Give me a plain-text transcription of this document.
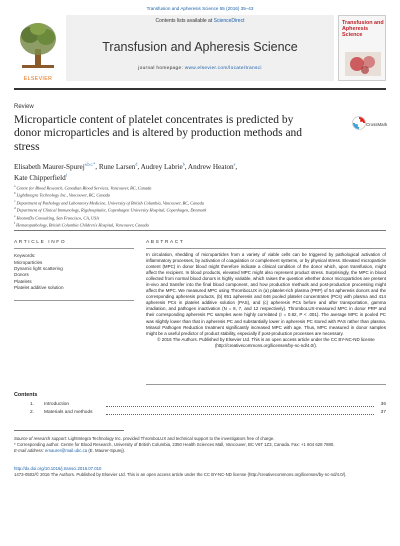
Transfusion and Apheresis Science 55 (2016) 35–43
ELSEVIER
Contents lists available at ScienceDirect
Transfusion and Apheresis Science
journal homepage: www.elsevier.com/locate/transci
Transfusion and Apheresis Science
Review
Microparticle content of platelet concentrates is predicted by donor microparticles and is altered by production methods and stress
CrossMark
Elisabeth Maurer-Spurej$^{a,b,c,*}$, Rune Larsen$^d$, Audrey Labrie$^b$, Andrew Heaton$^e$,
Kate Chipperfield$^f$
$^a$ Centre for Blood Research, Canadian Blood Services, Vancouver, BC, Canada
$^b$ LightIntegra Technology Inc., Vancouver, BC, Canada
$^c$ Department of Pathology and Laboratory Medicine, University of British Columbia, Vancouver, BC, Canada
$^d$ Department of Clinical Immunology, Rigshospitalet, Copenhagen University Hospital, Copenhagen, Denmark
$^e$ HeatonDx Consulting, San Francisco, CA, USA
$^f$ Hematopathology, British Columbia Children's Hospital, Vancouver, Canada
ARTICLE INFO
Keywords:
Microparticles
Dynamic light scattering
Donors
Platelets
Platelet additive solution
ABSTRACT
In circulation, shedding of microparticles from a variety of viable cells can be triggered by pathological activation of inflammatory processes, by activation of coagulation or complement systems, or by physical stress. Elevated microparticle content (MPC) in donor blood might therefore indicate a clinical condition of the donor which, upon transfusion, might affect the recipient. In blood products, elevated MPC might also represent product stress. Surprisingly, the MPC in blood collected from normal blood donors is highly variable, which raises the question whether donor microparticles are present in-vivo and transfer into the final blood component, and how production methods and post-production processing might affect the MPC. We measured MPC using ThromboLUX in (a) platelet-rich plasma (PRP) of 54 apheresis donors and the corresponding apheresis products, (b) 651 apheresis and 646 pooled platelet concentrates (PCs) with plasma and 414 apheresis PCs in platelet additive solution (PAS), and (c) apheresis PCs before and after transportation, gamma irradiation, and pathogen inactivation (N = 8, 7, and 12 respectively). ThromboLUX-measured MPC in donor PRP and their corresponding apheresis PC samples were highly correlated (r = 0.82, P < .001). The average MPC in pooled PC was slightly lower than that in apheresis PC and substantially lower in apheresis PC stored with PAS rather than plasma. Mirasol Pathogen Reduction treatment significantly increased MPC with age. Thus, MPC measured in donor samples might be a useful predictor of product stability, especially if post-production processes are necessary.
© 2016 The Authors. Published by Elsevier Ltd. This is an open access article under the CC BY-NC-ND license (http://creativecommons.org/licenses/by-nc-nd/4.0/).
Contents
1. Introduction	36
2. Materials and methods	37
Source of research support: LightIntegra Technology Inc. provided ThromboLUX and technical support to the investigators free of charge.
* Corresponding author. Centre for Blood Research, University of British Columbia, 2350 Health Sciences Mall, Vancouver, BC V6T 1Z3, Canada. Fax: +1 604 628 7880.
E-mail address: emaurer@mail.ubc.ca (E. Maurer-Spurej).
http://dx.doi.org/10.1016/j.transci.2016.07.010
1473-0502/© 2016 The Authors. Published by Elsevier Ltd. This is an open access article under the CC BY-NC-ND license (http://creativecommons.org/licenses/by-nc-nd/4.0/).
